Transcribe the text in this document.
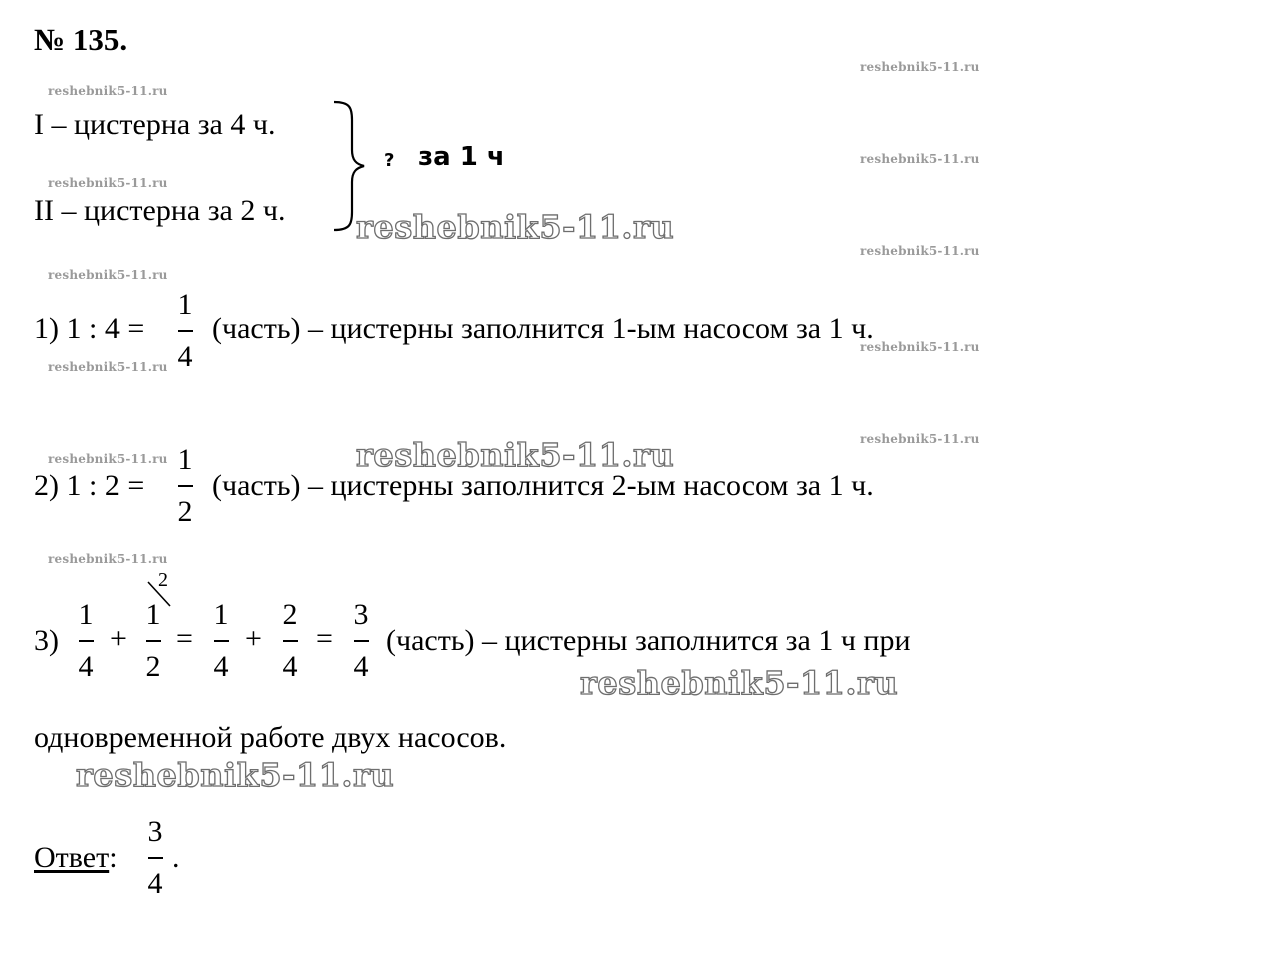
№ 135.
I – цистерна за 4 ч.
II – цистерна за 2 ч.
? за 1 ч
1) 1 : 4 =
1
4
(часть) – цистерны заполнится 1-ым насосом за 1 ч.
2) 1 : 2 =
1
2
(часть) – цистерны заполнится 2-ым насосом за 1 ч.
3)
1
4
+
1
2
2
=
1
4
+
2
4
=
3
4
(часть) – цистерны заполнится за 1 ч при
одновременной работе двух насосов.
Ответ:
3
4
.
reshebnik5-11.ru
reshebnik5-11.ru
reshebnik5-11.ru
reshebnik5-11.ru
reshebnik5-11.ru
reshebnik5-11.ru
reshebnik5-11.ru
reshebnik5-11.ru
reshebnik5-11.ru
reshebnik5-11.ru
reshebnik5-11.ru
reshebnik5-11.ru
reshebnik5-11.ru
reshebnik5-11.ru
reshebnik5-11.ru
